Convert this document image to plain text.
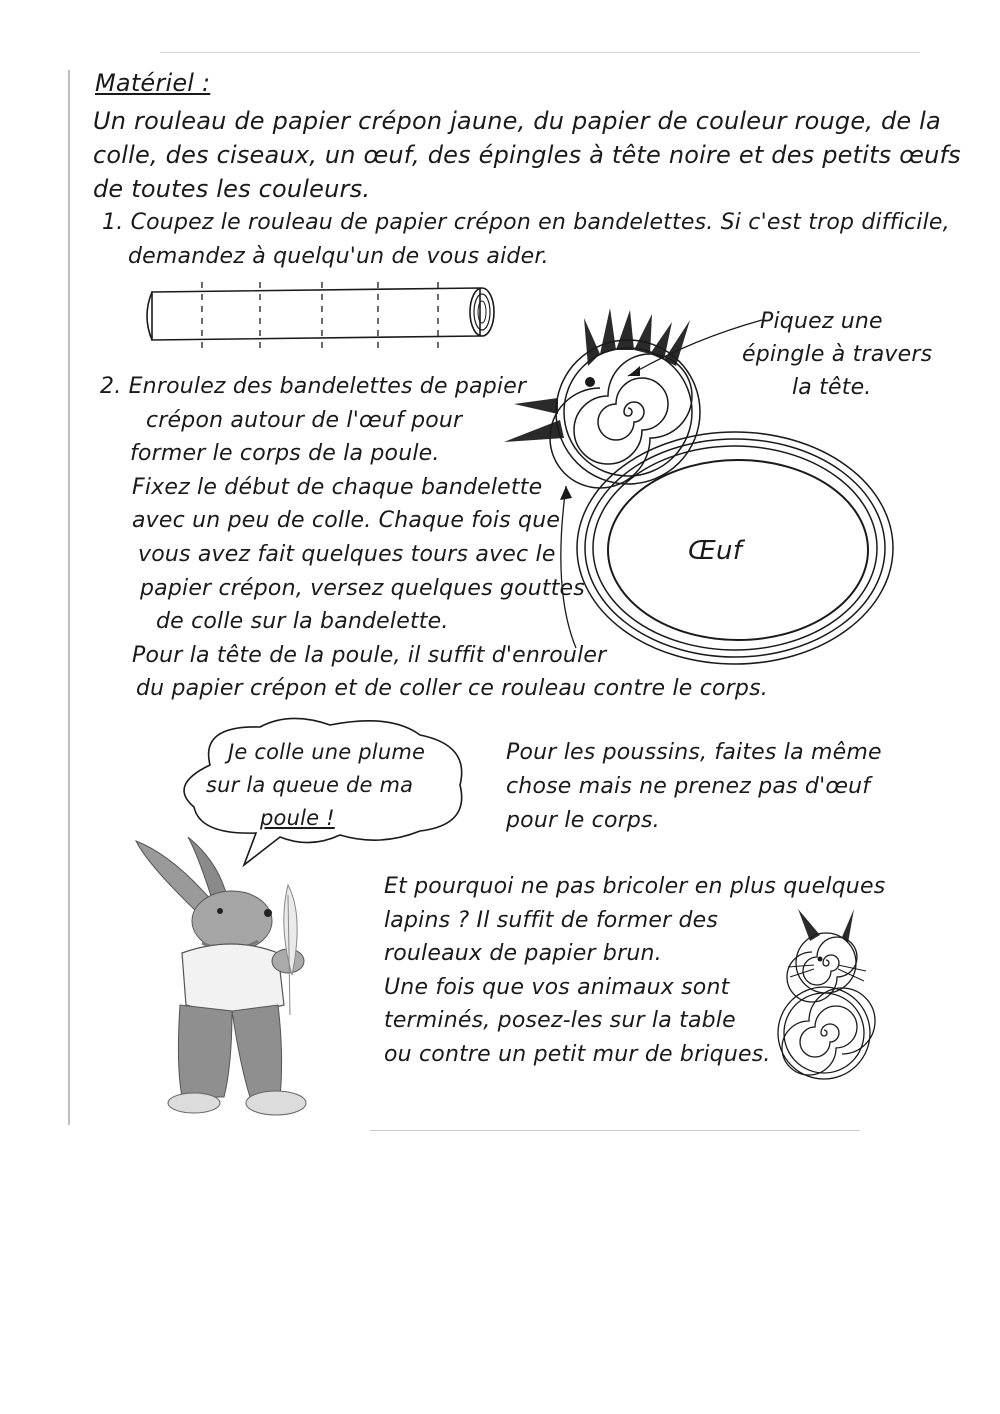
Matériel :
Un rouleau de papier crépon jaune, du papier de couleur rouge, de la
colle, des ciseaux, un œuf, des épingles à tête noire et des petits œufs
de toutes les couleurs.
1. Coupez le rouleau de papier crépon en bandelettes. Si c'est trop difficile,
demandez à quelqu'un de vous aider.
Piquez une
épingle à travers
la tête.
Œuf
2. Enroulez des bandelettes de papier
crépon autour de l'œuf pour
former le corps de la poule.
Fixez le début de chaque bandelette
avec un peu de colle. Chaque fois que
vous avez fait quelques tours avec le
papier crépon, versez quelques gouttes
de colle sur la bandelette.
Pour la tête de la poule, il suffit d'enrouler
du papier crépon et de coller ce rouleau contre le corps.
Je colle une plume
sur la queue de ma
poule !
Pour les poussins, faites la même
chose mais ne prenez pas d'œuf
pour le corps.
Et pourquoi ne pas bricoler en plus quelques
lapins ? Il suffit de former des
rouleaux de papier brun.
Une fois que vos animaux sont
terminés, posez-les sur la table
ou contre un petit mur de briques.
